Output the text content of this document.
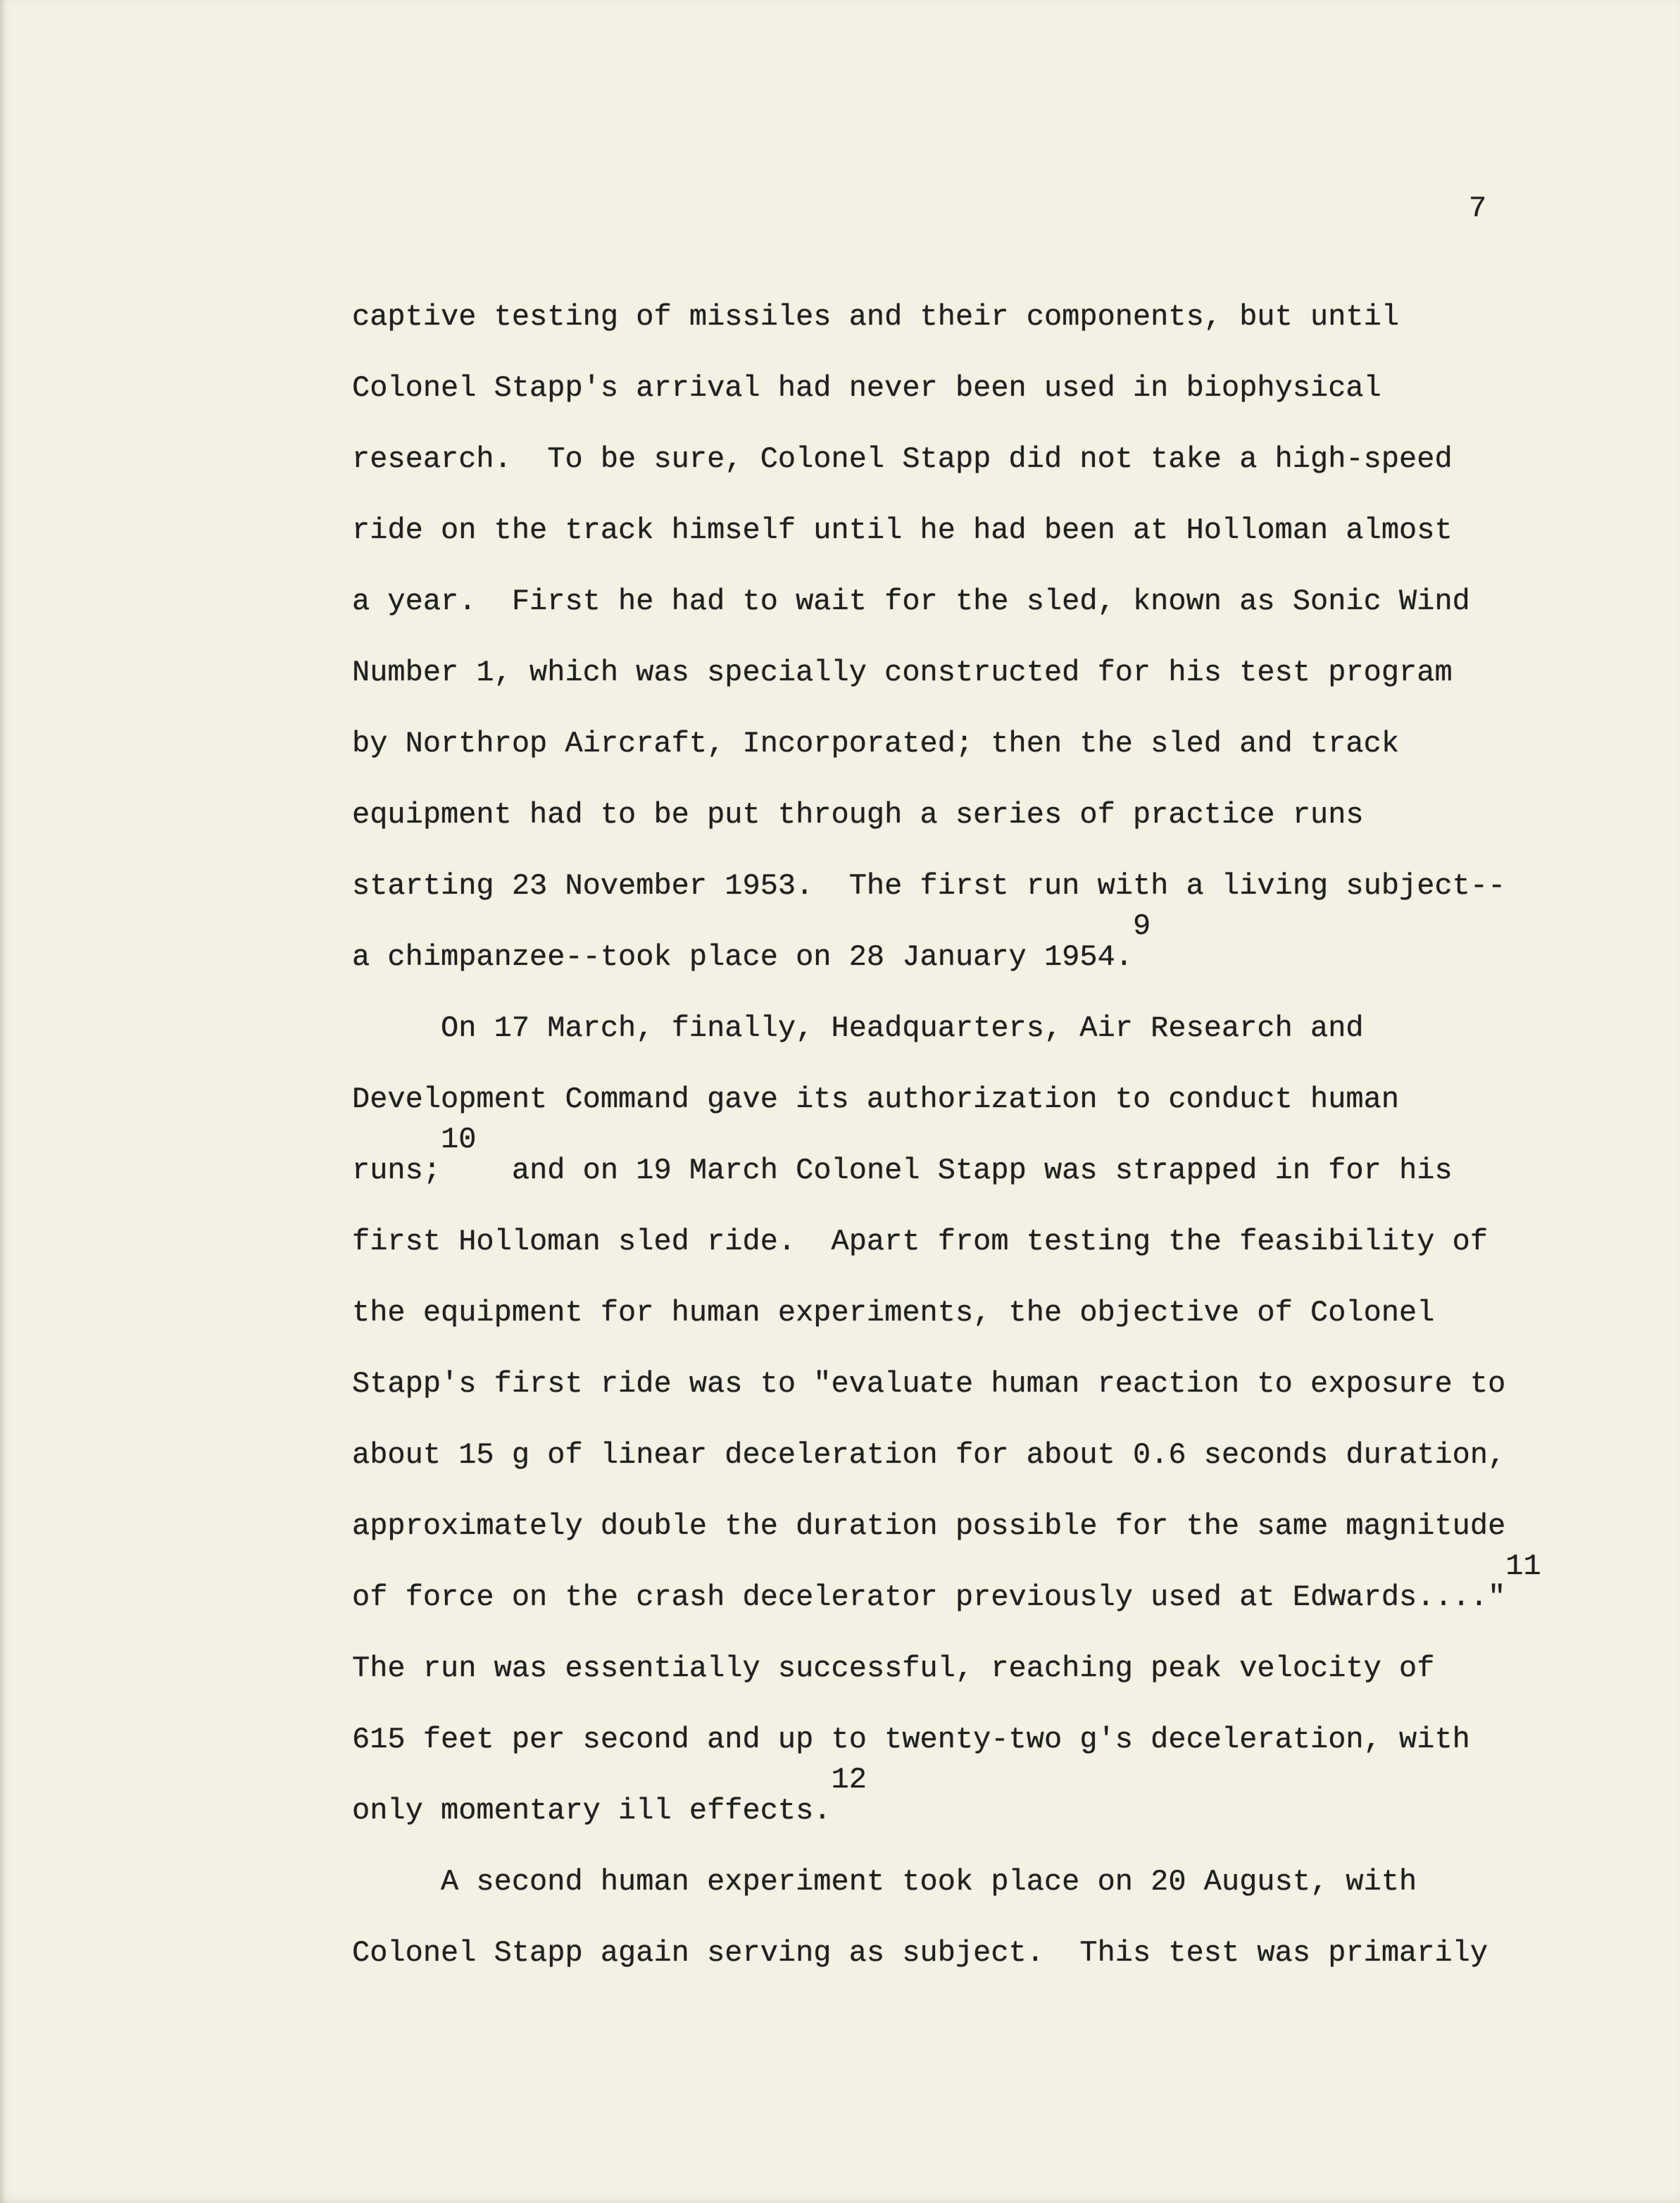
7
captive testing of missiles and their components, but until
Colonel Stapp's arrival had never been used in biophysical
research.  To be sure, Colonel Stapp did not take a high-speed
ride on the track himself until he had been at Holloman almost
a year.  First he had to wait for the sled, known as Sonic Wind
Number 1, which was specially constructed for his test program
by Northrop Aircraft, Incorporated; then the sled and track
equipment had to be put through a series of practice runs
starting 23 November 1953.  The first run with a living subject--
a chimpanzee--took place on 28 January 1954.9
On 17 March, finally, Headquarters, Air Research and
Development Command gave its authorization to conduct human
runs;10  and on 19 March Colonel Stapp was strapped in for his
first Holloman sled ride.  Apart from testing the feasibility of
the equipment for human experiments, the objective of Colonel
Stapp's first ride was to "evaluate human reaction to exposure to
about 15 g of linear deceleration for about 0.6 seconds duration,
approximately double the duration possible for the same magnitude
of force on the crash decelerator previously used at Edwards...."11
The run was essentially successful, reaching peak velocity of
615 feet per second and up to twenty-two g's deceleration, with
only momentary ill effects.12
A second human experiment took place on 20 August, with
Colonel Stapp again serving as subject.  This test was primarily
